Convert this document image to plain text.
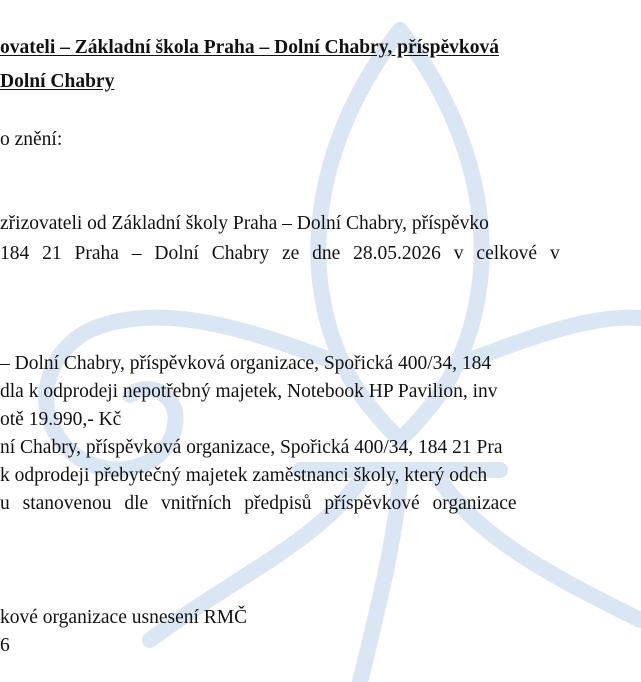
ovateli – Základní škola Praha – Dolní Chabry, příspěvková
Dolní Chabry
o znění:
zřizovateli od Základní školy Praha – Dolní Chabry, příspěvko
184 21 Praha – Dolní Chabry ze dne 28.05.2026 v celkové v
– Dolní Chabry, příspěvková organizace, Spořická 400/34, 184
dla k odprodeji nepotřebný majetek, Notebook HP Pavilion, inv
otě 19.990,- Kč
ní Chabry, příspěvková organizace, Spořická 400/34, 184 21 Pra
k odprodeji přebytečný majetek zaměstnanci školy, který odch
u stanovenou dle vnitřních předpisů příspěvkové organizace
kové organizace usnesení RMČ
6
